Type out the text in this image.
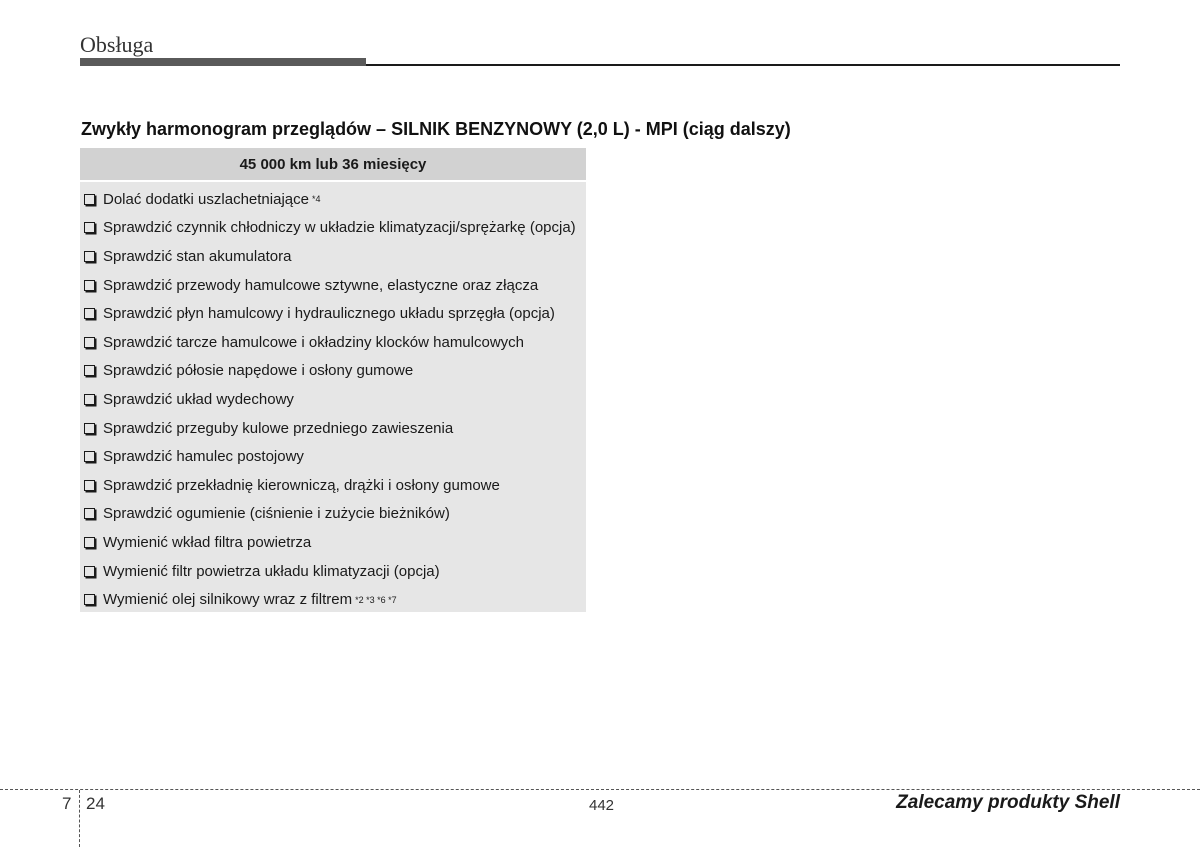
Obsługa
Zwykły harmonogram przeglądów – SILNIK BENZYNOWY (2,0 L) - MPI (ciąg dalszy)
45 000 km lub 36 miesięcy
Dolać dodatki uszlachetniające *4
Sprawdzić czynnik chłodniczy w układzie klimatyzacji/sprężarkę (opcja)
Sprawdzić stan akumulatora
Sprawdzić przewody hamulcowe sztywne, elastyczne oraz złącza
Sprawdzić płyn hamulcowy i hydraulicznego układu sprzęgła (opcja)
Sprawdzić tarcze hamulcowe i okładziny klocków hamulcowych
Sprawdzić półosie napędowe i osłony gumowe
Sprawdzić układ wydechowy
Sprawdzić przeguby kulowe przedniego zawieszenia
Sprawdzić hamulec postojowy
Sprawdzić przekładnię kierowniczą, drążki i osłony gumowe
Sprawdzić ogumienie (ciśnienie i zużycie bieżników)
Wymienić wkład filtra powietrza
Wymienić filtr powietrza układu klimatyzacji (opcja)
Wymienić olej silnikowy wraz z filtrem *2 *3 *6 *7
7 24	442	Zalecamy produkty Shell
